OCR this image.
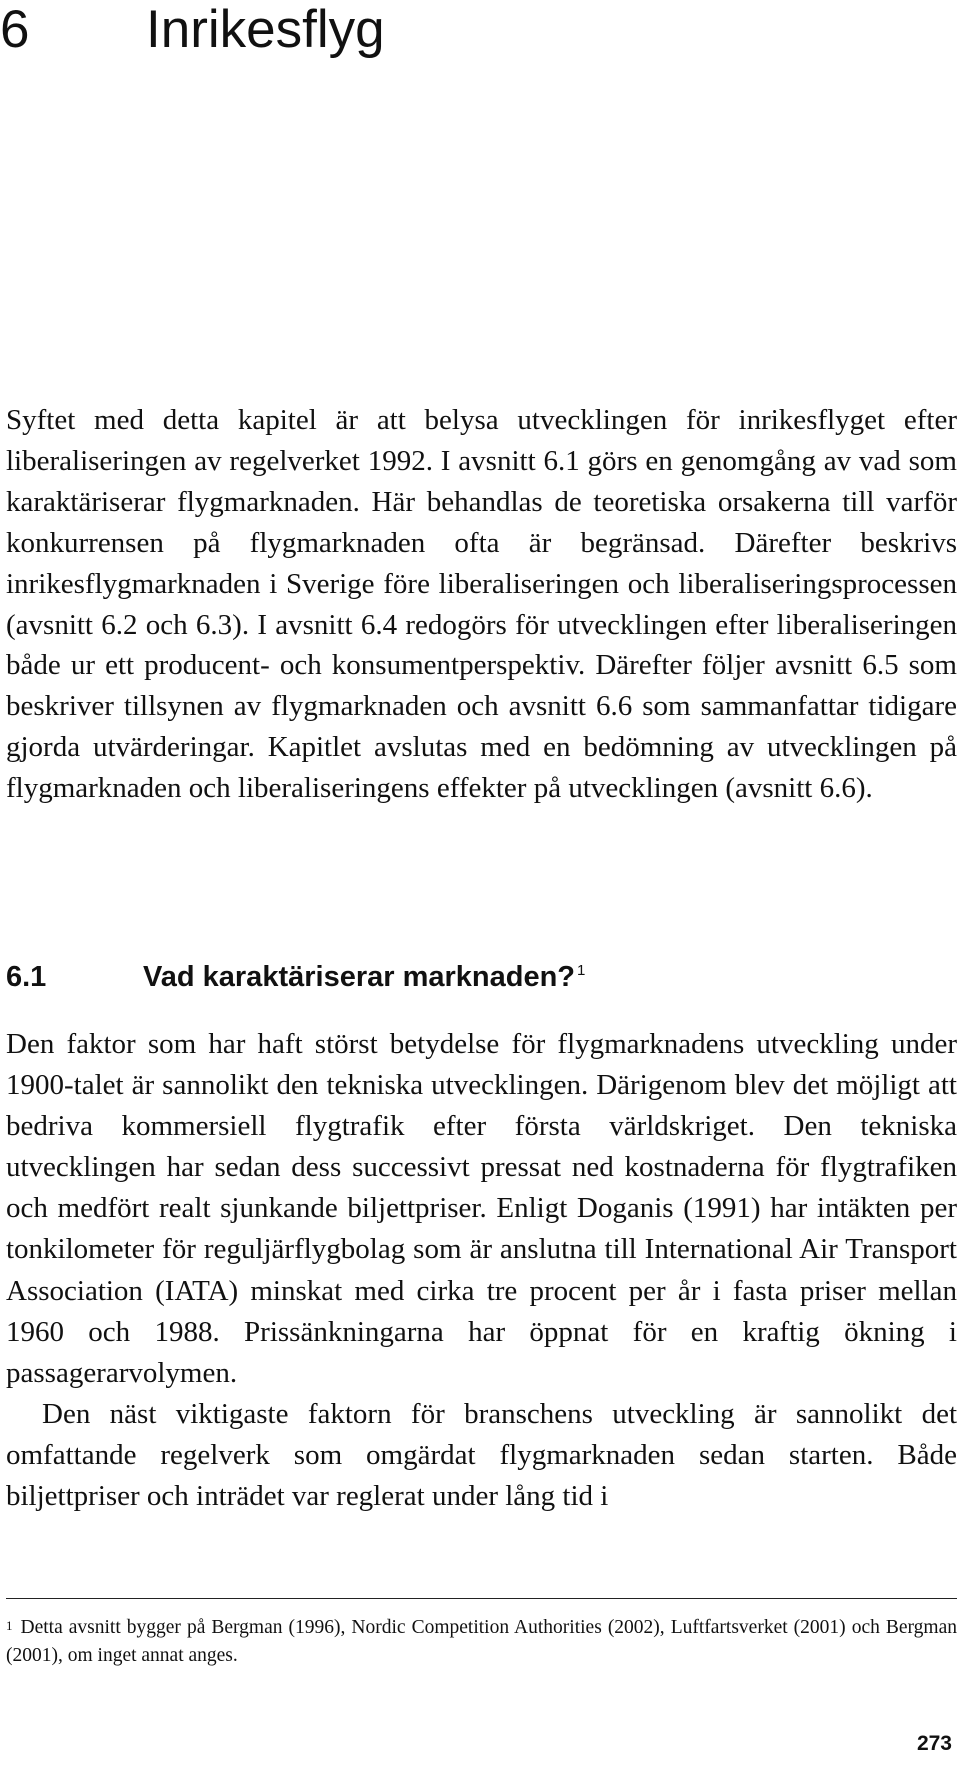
6 Inrikesflyg

Syftet med detta kapitel är att belysa utvecklingen för inrikesflyget efter liberaliseringen av regelverket 1992. I avsnitt 6.1 görs en genomgång av vad som karaktäriserar flygmarknaden. Här behandlas de teoretiska orsakerna till varför konkurrensen på flygmarknaden ofta är begränsad. Därefter beskrivs inrikesflygmarknaden i Sverige före liberaliseringen och liberaliseringsprocessen (avsnitt 6.2 och 6.3). I avsnitt 6.4 redogörs för utvecklingen efter liberaliseringen både ur ett producent- och konsumentperspektiv. Därefter följer avsnitt 6.5 som beskriver tillsynen av flygmarknaden och avsnitt 6.6 som sammanfattar tidigare gjorda utvärderingar. Kapitlet avslutas med en bedömning av utvecklingen på flygmarknaden och liberaliseringens effekter på utvecklingen (avsnitt 6.6).

6.1	Vad karaktäriserar marknaden? $^1$

Den faktor som har haft störst betydelse för flygmarknadens utveckling under 1900-talet är sannolikt den tekniska utvecklingen. Därigenom blev det möjligt att bedriva kommersiell flygtrafik efter första världskriget. Den tekniska utvecklingen har sedan dess successivt pressat ned kostnaderna för flygtrafiken och medfört realt sjunkande biljettpriser. Enligt Doganis (1991) har intäkten per tonkilometer för reguljärflygbolag som är anslutna till International Air Transport Association (IATA) minskat med cirka tre procent per år i fasta priser mellan 1960 och 1988. Prissänkningarna har öppnat för en kraftig ökning i passagerarvolymen.

Den näst viktigaste faktorn för branschens utveckling är sannolikt det omfattande regelverk som omgärdat flygmarknaden sedan starten. Både biljettpriser och inträdet var reglerat under lång tid i

$^1$ Detta avsnitt bygger på Bergman (1996), Nordic Competition Authorities (2002), Luftfartsverket (2001) och Bergman (2001), om inget annat anges.

273
